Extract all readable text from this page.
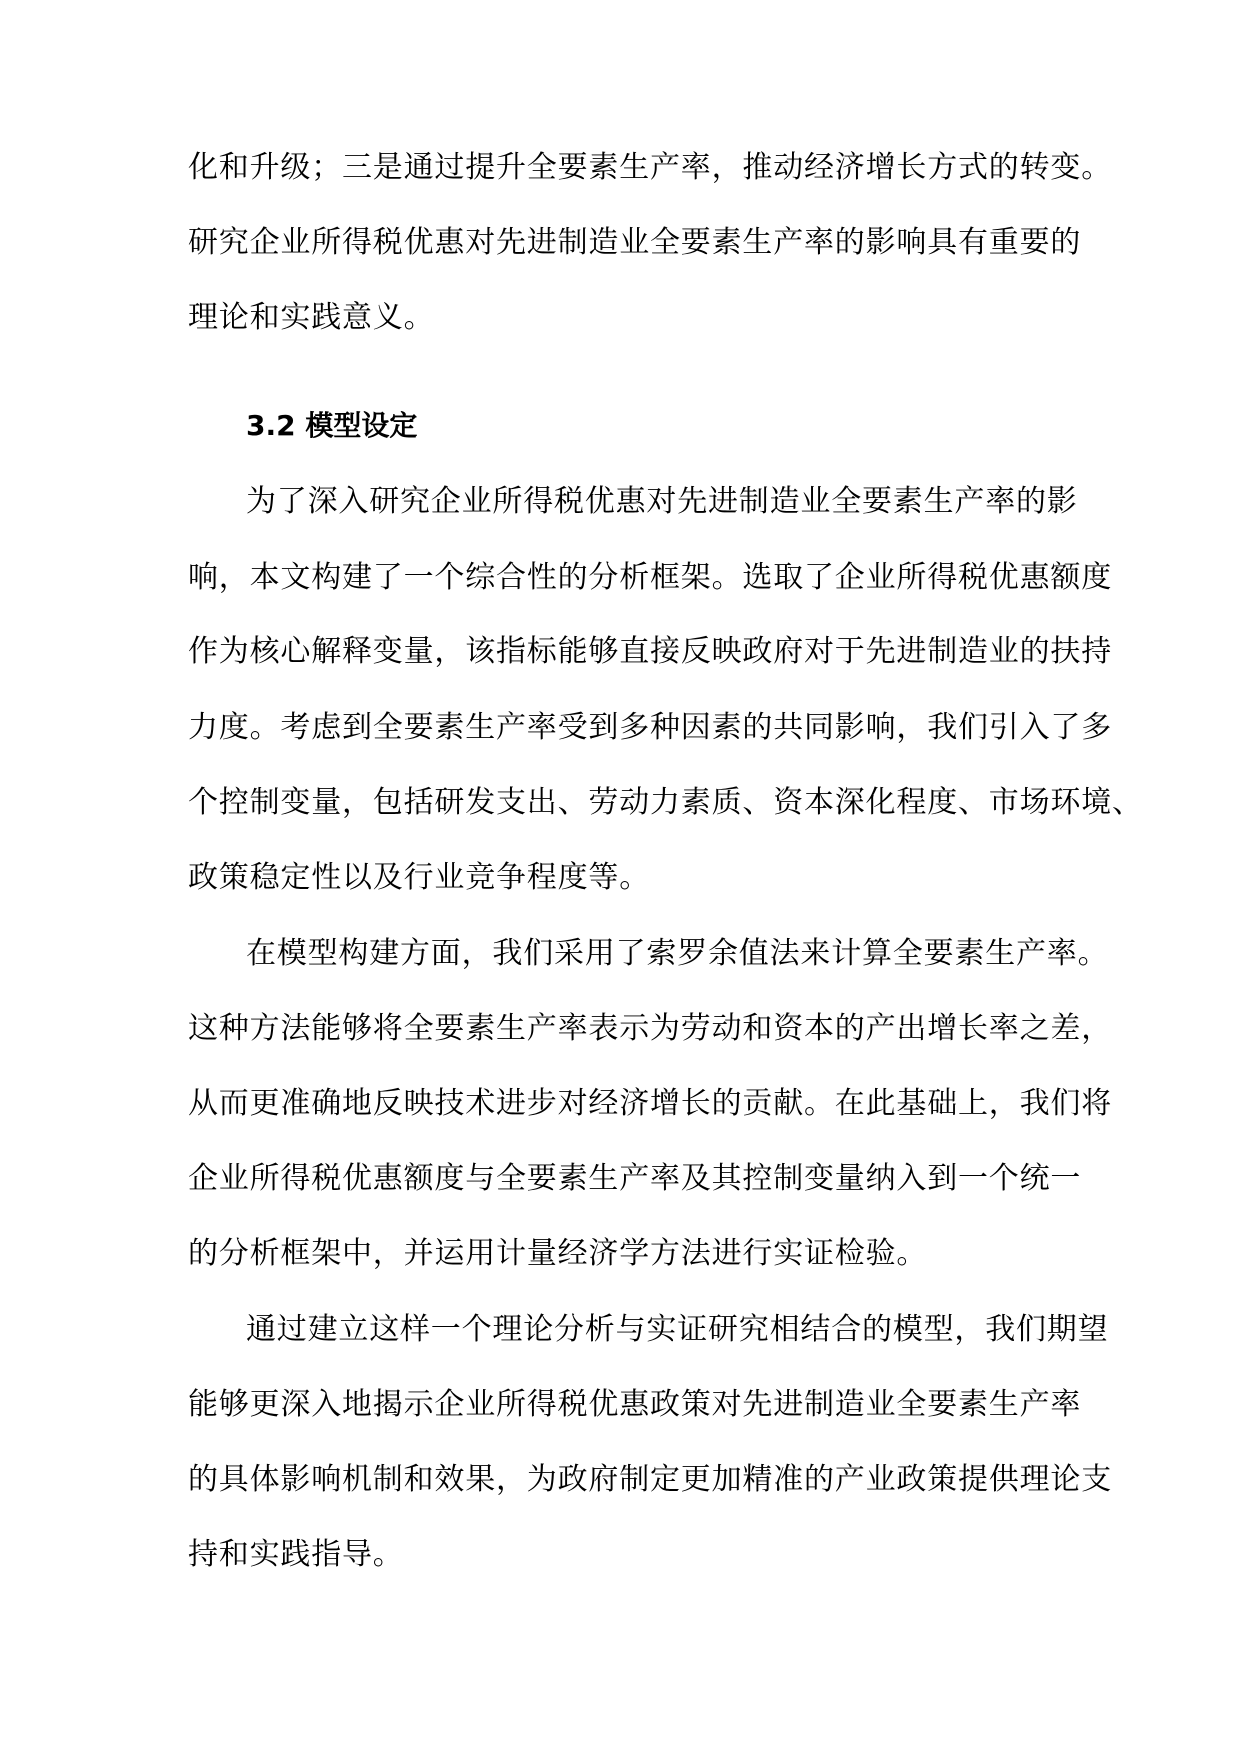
化和升级；三是通过提升全要素生产率，推动经济增长方式的转变。
研究企业所得税优惠对先进制造业全要素生产率的影响具有重要的
理论和实践意义。
3.2 模型设定
为了深入研究企业所得税优惠对先进制造业全要素生产率的影
响，本文构建了一个综合性的分析框架。选取了企业所得税优惠额度
作为核心解释变量，该指标能够直接反映政府对于先进制造业的扶持
力度。考虑到全要素生产率受到多种因素的共同影响，我们引入了多
个控制变量，包括研发支出、劳动力素质、资本深化程度、市场环境、
政策稳定性以及行业竞争程度等。
在模型构建方面，我们采用了索罗余值法来计算全要素生产率。
这种方法能够将全要素生产率表示为劳动和资本的产出增长率之差，
从而更准确地反映技术进步对经济增长的贡献。在此基础上，我们将
企业所得税优惠额度与全要素生产率及其控制变量纳入到一个统一
的分析框架中，并运用计量经济学方法进行实证检验。
通过建立这样一个理论分析与实证研究相结合的模型，我们期望
能够更深入地揭示企业所得税优惠政策对先进制造业全要素生产率
的具体影响机制和效果，为政府制定更加精准的产业政策提供理论支
持和实践指导。
